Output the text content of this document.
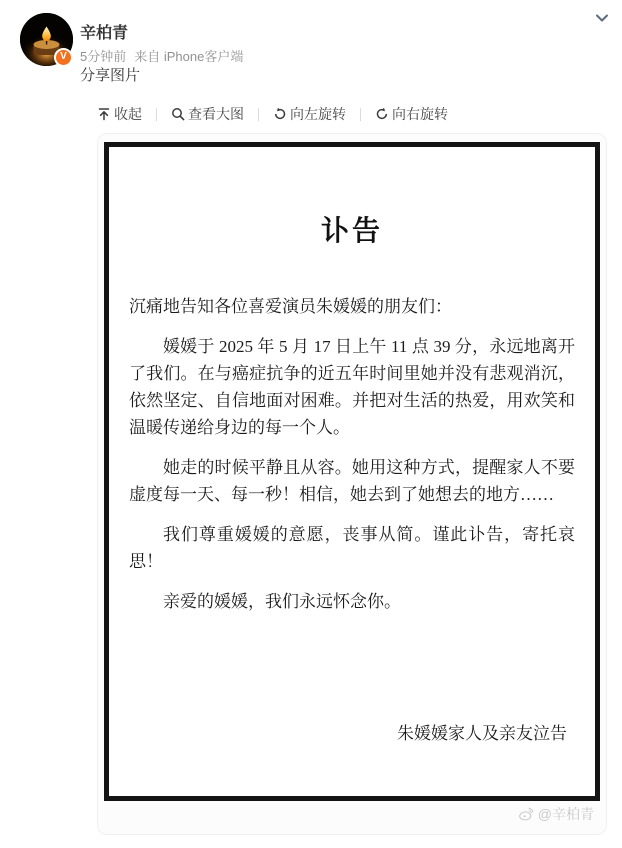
V
辛柏青
5分钟前 来自 iPhone客户端
分享图片
收起	查看大图	向左旋转	向右旋转
讣告

沉痛地告知各位喜爱演员朱媛媛的朋友们：

媛媛于 2025 年 5 月 17 日上午 11 点 39 分，永远地离开了我们。在与癌症抗争的近五年时间里她并没有悲观消沉，依然坚定、自信地面对困难。并把对生活的热爱，用欢笑和温暖传递给身边的每一个人。

她走的时候平静且从容。她用这种方式，提醒家人不要虚度每一天、每一秒！相信，她去到了她想去的地方……

我们尊重媛媛的意愿，丧事从简。谨此讣告，寄托哀思！

亲爱的媛媛，我们永远怀念你。

朱媛媛家人及亲友泣告
@辛柏青
